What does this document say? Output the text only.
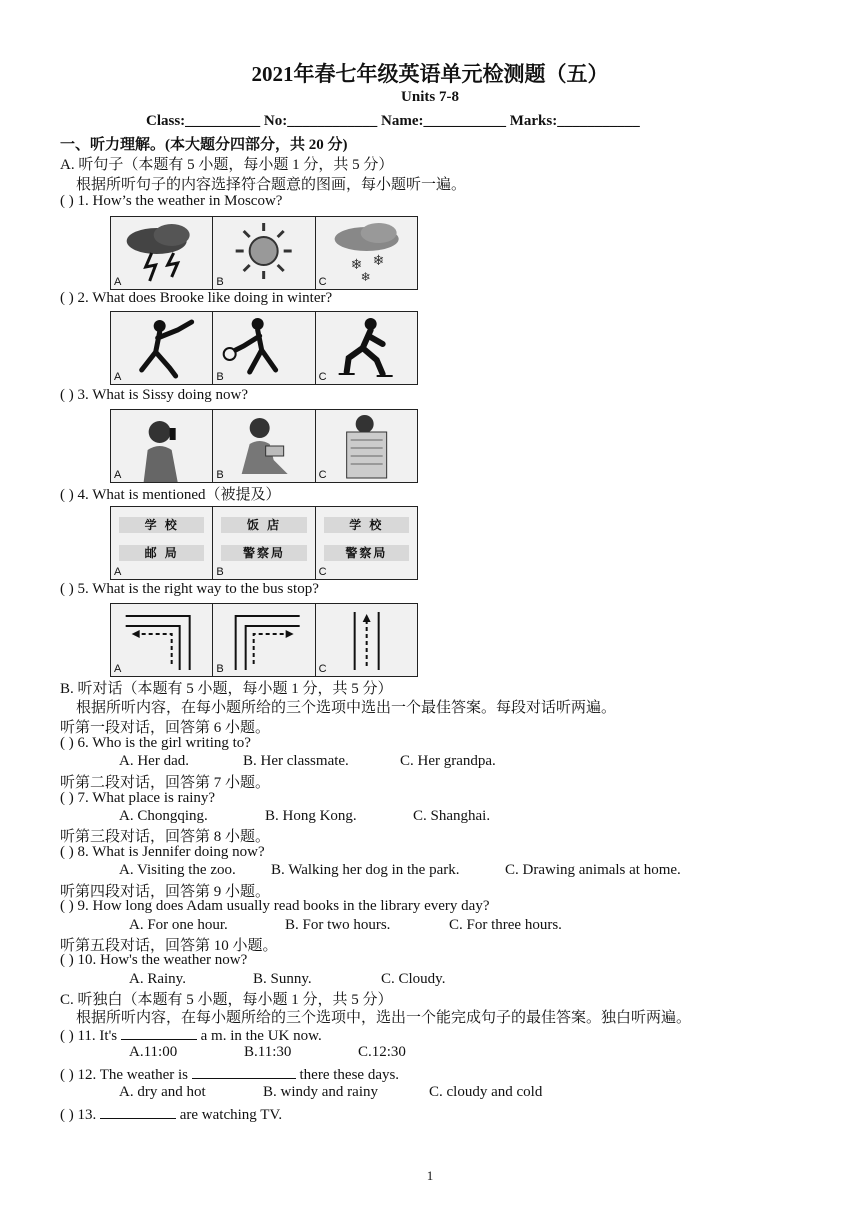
2021年春七年级英语单元检测题（五）
Units 7-8
Class:__________ No:____________ Name:___________ Marks:___________
一、听力理解。(本大题分四部分，共 20 分)
A. 听句子（本题有 5 小题，每小题 1 分，共 5 分）
根据所听句子的内容选择符合题意的图画，每小题听一遍。
( ) 1. How’s the weather in Moscow?
A	B
❄ ❄
❄
C
( ) 2. What does Brooke like doing in winter?
A	B	C
( ) 3. What is Sissy doing now?
A	B	C
( ) 4. What is mentioned（被提及）
学 校
邮 局
A
饭 店
警察局
B
学 校
警察局
C
( ) 5. What is the right way to the bus stop?
A	B	C
B. 听对话（本题有 5 小题，每小题 1 分，共 5 分）
根据所听内容，在每小题所给的三个选项中选出一个最佳答案。每段对话听两遍。
听第一段对话，回答第 6 小题。
( ) 6. Who is the girl writing to?
A. Her dad.	B. Her classmate.	C. Her grandpa.
听第二段对话，回答第 7 小题。
( ) 7. What place is rainy?
A. Chongqing.	B. Hong Kong.	C. Shanghai.
听第三段对话，回答第 8 小题。
( ) 8. What is Jennifer doing now?
A. Visiting the zoo. B. Walking her dog in the park.	C. Drawing animals at home.
听第四段对话，回答第 9 小题。
( ) 9. How long does Adam usually read books in the library every day?
A. For one hour.	B. For two hours.	C. For three hours.
听第五段对话，回答第 10 小题。
( ) 10. How's the weather now?
A. Rainy.	B. Sunny.	C. Cloudy.
C. 听独白（本题有 5 小题，每小题 1 分，共 5 分）
根据所听内容，在每小题所给的三个选项中，选出一个能完成句子的最佳答案。独白听两遍。
( ) 11. It's	a m. in the UK now.
A.11:00	B.11:30	C.12:30
( ) 12. The weather is	there these days.
A. dry and hot	B. windy and rainy	C. cloudy and cold
( ) 13.	are watching TV.
1
